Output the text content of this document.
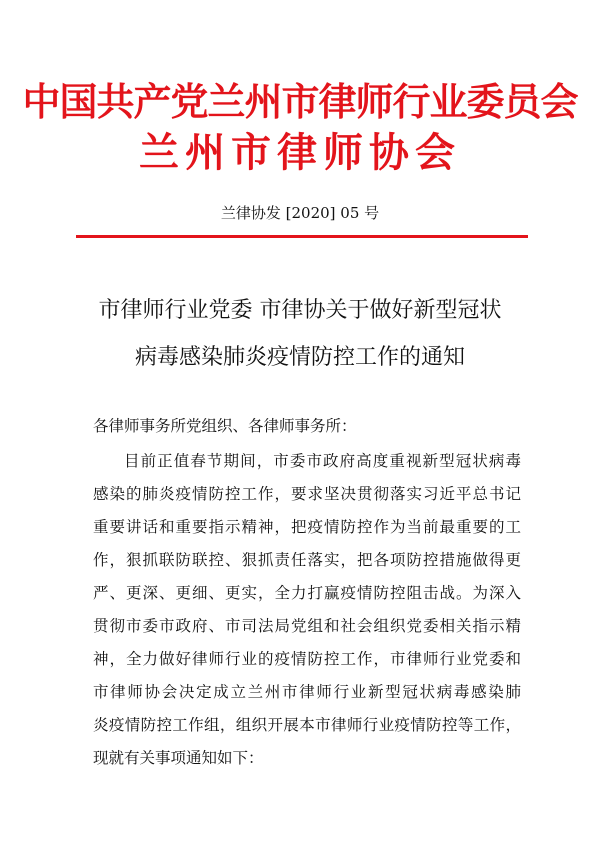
中国共产党兰州市律师行业委员会
兰州市律师协会
兰律协发 [2020] 05 号
市律师行业党委 市律协关于做好新型冠状
病毒感染肺炎疫情防控工作的通知
各律师事务所党组织、各律师事务所：
目前正值春节期间，市委市政府高度重视新型冠状病毒
感染的肺炎疫情防控工作，要求坚决贯彻落实习近平总书记
重要讲话和重要指示精神，把疫情防控作为当前最重要的工
作，狠抓联防联控、狠抓责任落实，把各项防控措施做得更
严、更深、更细、更实，全力打赢疫情防控阻击战。为深入
贯彻市委市政府、市司法局党组和社会组织党委相关指示精
神，全力做好律师行业的疫情防控工作，市律师行业党委和
市律师协会决定成立兰州市律师行业新型冠状病毒感染肺
炎疫情防控工作组，组织开展本市律师行业疫情防控等工作，
现就有关事项通知如下：
